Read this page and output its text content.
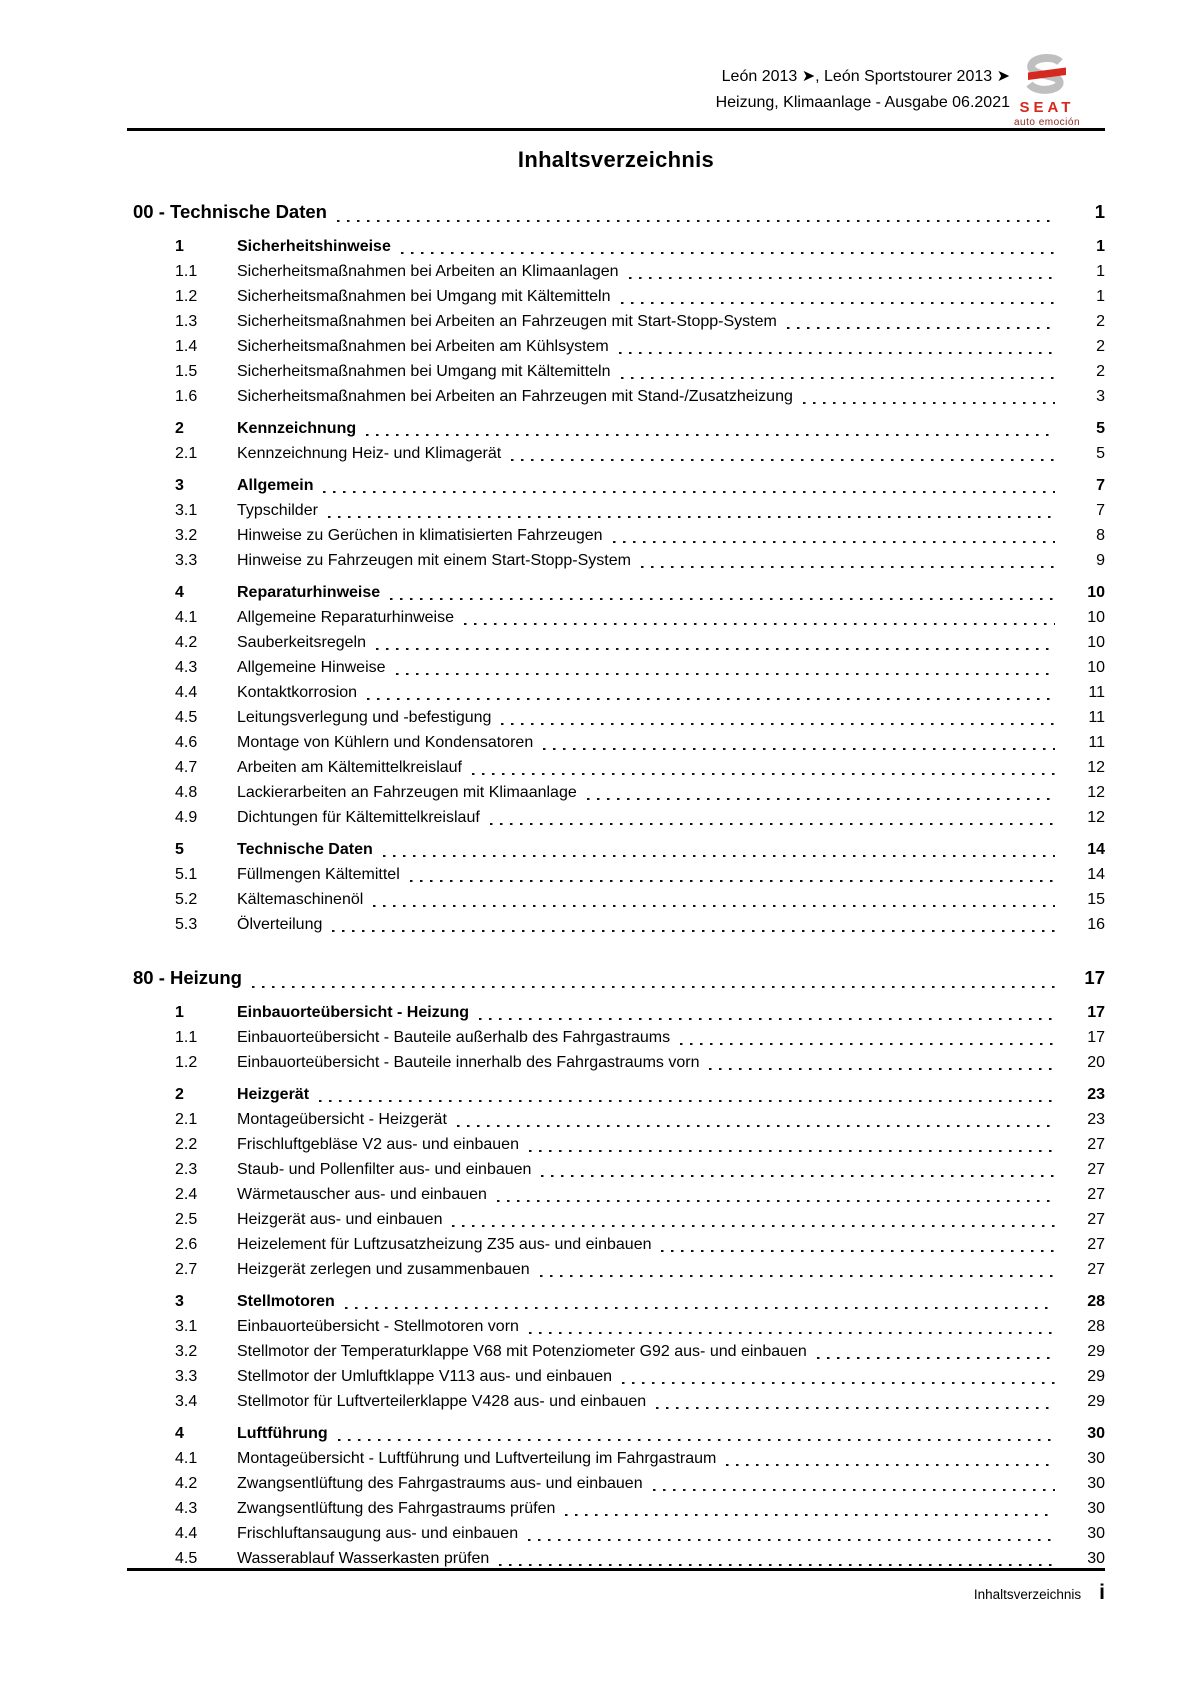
SEAT
auto emoción
León 2013 ➤, León Sportstourer 2013 ➤
Heizung, Klimaanlage - Ausgabe 06.2021
Inhaltsverzeichnis
00 - Technische Daten	1
1	Sicherheitshinweise	1
1.1	Sicherheitsmaßnahmen bei Arbeiten an Klimaanlagen	1
1.2	Sicherheitsmaßnahmen bei Umgang mit Kältemitteln	1
1.3	Sicherheitsmaßnahmen bei Arbeiten an Fahrzeugen mit Start-Stopp-System	2
1.4	Sicherheitsmaßnahmen bei Arbeiten am Kühlsystem	2
1.5	Sicherheitsmaßnahmen bei Umgang mit Kältemitteln	2
1.6	Sicherheitsmaßnahmen bei Arbeiten an Fahrzeugen mit Stand-/Zusatzheizung	3
2	Kennzeichnung	5
2.1	Kennzeichnung Heiz- und Klimagerät	5
3	Allgemein	7
3.1	Typschilder	7
3.2	Hinweise zu Gerüchen in klimatisierten Fahrzeugen	8
3.3	Hinweise zu Fahrzeugen mit einem Start-Stopp-System	9
4	Reparaturhinweise	10
4.1	Allgemeine Reparaturhinweise	10
4.2	Sauberkeitsregeln	10
4.3	Allgemeine Hinweise	10
4.4	Kontaktkorrosion	11
4.5	Leitungsverlegung und -befestigung	11
4.6	Montage von Kühlern und Kondensatoren	11
4.7	Arbeiten am Kältemittelkreislauf	12
4.8	Lackierarbeiten an Fahrzeugen mit Klimaanlage	12
4.9	Dichtungen für Kältemittelkreislauf	12
5	Technische Daten	14
5.1	Füllmengen Kältemittel	14
5.2	Kältemaschinenöl	15
5.3	Ölverteilung	16
80 - Heizung	17
1	Einbauorteübersicht - Heizung	17
1.1	Einbauorteübersicht - Bauteile außerhalb des Fahrgastraums	17
1.2	Einbauorteübersicht - Bauteile innerhalb des Fahrgastraums vorn	20
2	Heizgerät	23
2.1	Montageübersicht - Heizgerät	23
2.2	Frischluftgebläse V2 aus- und einbauen	27
2.3	Staub- und Pollenfilter aus- und einbauen	27
2.4	Wärmetauscher aus- und einbauen	27
2.5	Heizgerät aus- und einbauen	27
2.6	Heizelement für Luftzusatzheizung Z35 aus- und einbauen	27
2.7	Heizgerät zerlegen und zusammenbauen	27
3	Stellmotoren	28
3.1	Einbauorteübersicht - Stellmotoren vorn	28
3.2	Stellmotor der Temperaturklappe V68 mit Potenziometer G92 aus- und einbauen	29
3.3	Stellmotor der Umluftklappe V113 aus- und einbauen	29
3.4	Stellmotor für Luftverteilerklappe V428 aus- und einbauen	29
4	Luftführung	30
4.1	Montageübersicht - Luftführung und Luftverteilung im Fahrgastraum	30
4.2	Zwangsentlüftung des Fahrgastraums aus- und einbauen	30
4.3	Zwangsentlüftung des Fahrgastraums prüfen	30
4.4	Frischluftansaugung aus- und einbauen	30
4.5	Wasserablauf Wasserkasten prüfen	30
Inhaltsverzeichnis i
